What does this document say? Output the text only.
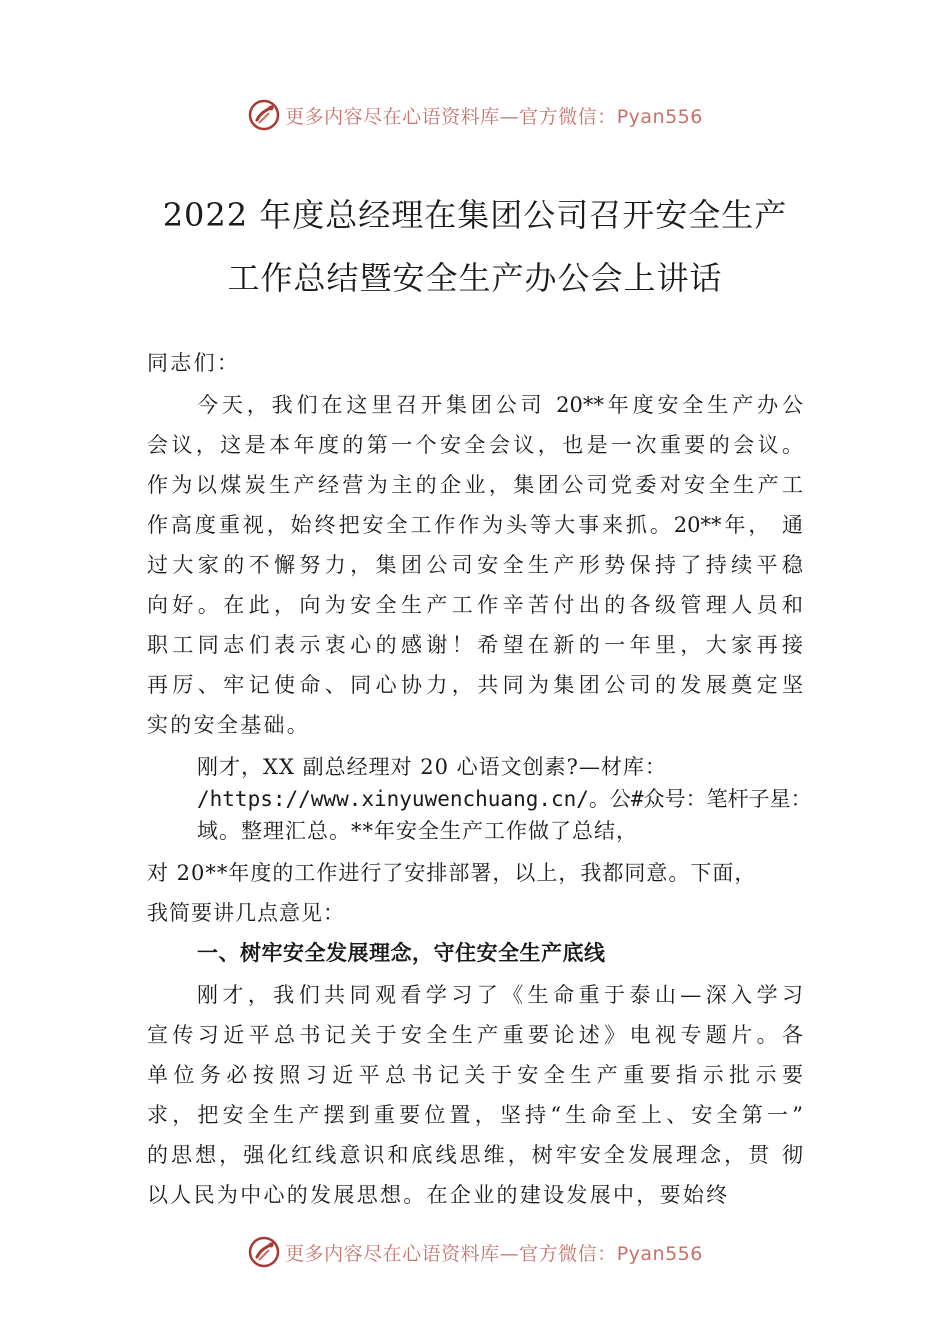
更多内容尽在心语资料库—官方微信：Pyan556
2022 年度总经理在集团公司召开安全生产
工作总结暨安全生产办公会上讲话
同志们：
今天，我们在这里召开集团公司 20**年度安全生产办公
会议，这是本年度的第一个安全会议，也是一次重要的会议。
作为以煤炭生产经营为主的企业，集团公司党委对安全生产工
作高度重视，始终把安全工作作为头等大事来抓。20**年， 通
过大家的不懈努力，集团公司安全生产形势保持了持续平稳
向好。在此，向为安全生产工作辛苦付出的各级管理人员和
职工同志们表示衷心的感谢！希望在新的一年里，大家再接
再厉、牢记使命、同心协力，共同为集团公司的发展奠定坚
实的安全基础。
刚才，XX 副总经理对 20 心语文创素?—材库：
/https://www.xinyuwenchuang.cn/。公#众号：笔杆子星：
域。整理汇总。**年安全生产工作做了总结，
对 20**年度的工作进行了安排部署，以上，我都同意。下面，
我简要讲几点意见：
一、树牢安全发展理念，守住安全生产底线
刚才，我们共同观看学习了《生命重于泰山—深入学习
宣传习近平总书记关于安全生产重要论述》电视专题片。各
单位务必按照习近平总书记关于安全生产重要指示批示要
求，把安全生产摆到重要位置，坚持“生命至上、安全第一”
的思想，强化红线意识和底线思维，树牢安全发展理念，贯 彻
以人民为中心的发展思想。在企业的建设发展中，要始终
更多内容尽在心语资料库—官方微信：Pyan556
